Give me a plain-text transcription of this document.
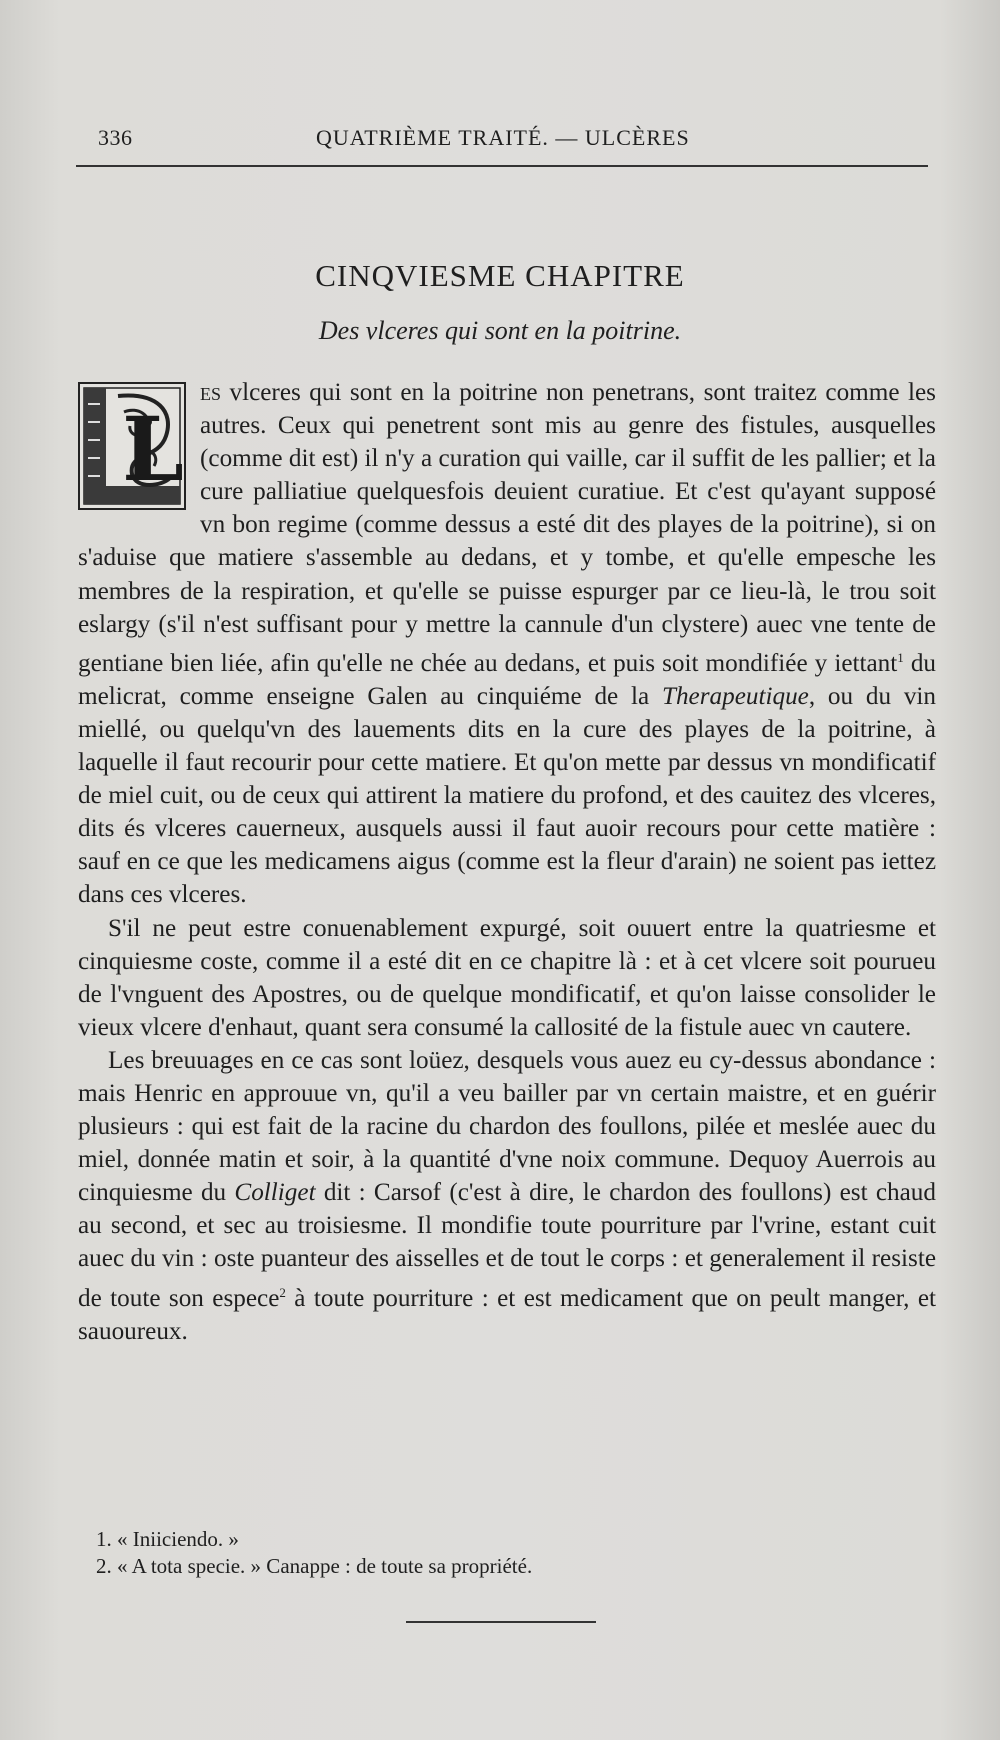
336	QUATRIÈME TRAITÉ. — ULCÈRES
CINQVIESME CHAPITRE
Des vlceres qui sont en la poitrine.

L
es vlceres qui sont en la poitrine non penetrans, sont traitez comme les autres. Ceux qui penetrent sont mis au genre des fistules, ausquelles (comme dit est) il n'y a curation qui vaille, car il suffit de les pallier; et la cure palliatiue quelquesfois deuient curatiue. Et c'est qu'ayant supposé vn bon regime (comme dessus a esté dit des playes de la poitrine), si on s'aduise que matiere s'assemble au dedans, et y tombe, et qu'elle empesche les membres de la respiration, et qu'elle se puisse espurger par ce lieu-là, le trou soit eslargy (s'il n'est suffisant pour y mettre la cannule d'un clystere) auec vne tente de gentiane bien liée, afin qu'elle ne chée au dedans, et puis soit mondifiée y iettant$^1$ du melicrat, comme enseigne Galen au cinquiéme de la Therapeutique, ou du vin miellé, ou quelqu'vn des lauements dits en la cure des playes de la poitrine, à laquelle il faut recourir pour cette matiere. Et qu'on mette par dessus vn mondificatif de miel cuit, ou de ceux qui attirent la matiere du profond, et des cauitez des vlceres, dits és vlceres cauerneux, ausquels aussi il faut auoir recours pour cette matière : sauf en ce que les medicamens aigus (comme est la fleur d'arain) ne soient pas iettez dans ces vlceres.

S'il ne peut estre conuenablement expurgé, soit ouuert entre la quatriesme et cinquiesme coste, comme il a esté dit en ce chapitre là : et à cet vlcere soit pourueu de l'vnguent des Apostres, ou de quelque mondificatif, et qu'on laisse consolider le vieux vlcere d'enhaut, quant sera consumé la callosité de la fistule auec vn cautere.

Les breuuages en ce cas sont loüez, desquels vous auez eu cy-dessus abondance : mais Henric en approuue vn, qu'il a veu bailler par vn certain maistre, et en guérir plusieurs : qui est fait de la racine du chardon des foullons, pilée et meslée auec du miel, donnée matin et soir, à la quantité d'vne noix commune. Dequoy Auerrois au cinquiesme du Colliget dit : Carsof (c'est à dire, le chardon des foullons) est chaud au second, et sec au troisiesme. Il mondifie toute pourriture par l'vrine, estant cuit auec du vin : oste puanteur des aisselles et de tout le corps : et generalement il resiste de toute son espece$^2$ à toute pourriture : et est medicament que on peult manger, et sauoureux.

1. « Iniiciendo. »
2. « A tota specie. » Canappe : de toute sa propriété.
